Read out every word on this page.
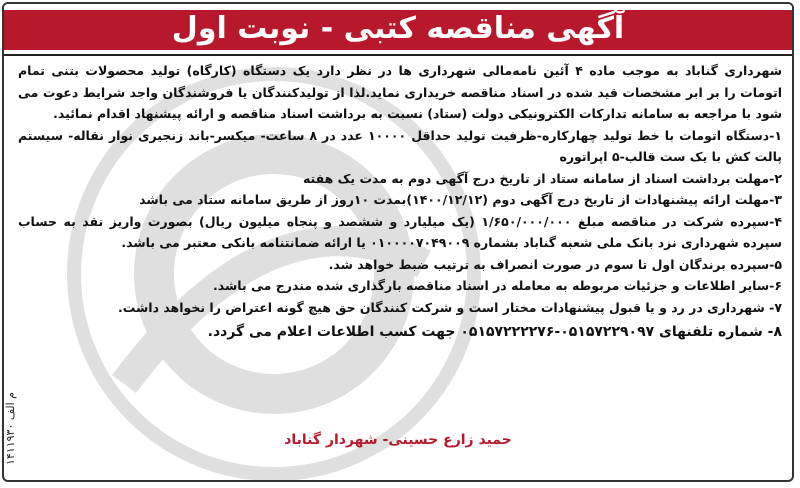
آگهی مناقصه کتبی - نوبت اول

شهرداری گناباد به موجب ماده ۴ آئین نامه‌مالی شهرداری ها در نظر دارد یک دستگاه (کارگاه) تولید محصولات بتنی تمام اتومات را بر ابر مشخصات قید شده در اسناد مناقصه خریداری نماید.لذا از تولیدکنندگان یا فروشندگان واجد شرایط دعوت می شود با مراجعه به سامانه تدارکات الکترونیکی دولت (ستاد) نسبت به برداشت اسناد مناقصه و ارائه پیشنهاد اقدام نمائید.

۱-دستگاه اتومات با خط تولید چهارکاره-ظرفیت تولید حداقل ۱۰۰۰۰ عدد در ۸ ساعت- میکسر-باند زنجیری نوار نقاله- سیستم پالت کش با یک ست قالب-۵ اپراتوره

۲-مهلت برداشت اسناد از سامانه ستاد از تاریخ درج آگهی دوم به مدت یک هفته

۳-مهلت ارائه پیشنهادات از تاریخ درج آگهی دوم (۱۴۰۰/۱۲/۱۲)بمدت ۱۰روز از طریق سامانه ستاد می باشد

۴-سپرده شرکت در مناقصه مبلغ ۱/۶۵۰/۰۰۰/۰۰۰ (یک میلیارد و ششصد و پنجاه میلیون ریال) بصورت واریز نقد به حساب سپرده شهرداری نزد بانک ملی شعبه گناباد بشماره ۰۱۰۰۰۰۷۰۴۹۰۰۹ یا ارائه ضمانتنامه بانکی معتبر می باشد.

۵-سپرده برندگان اول تا سوم در صورت انصراف به ترتیب ضبط خواهد شد.

۶-سایر اطلاعات و جزئیات مربوطه به معامله در اسناد مناقصه بارگذاری شده مندرج می باشد.

۷- شهرداری در رد و یا قبول پیشنهادات مختار است و شرکت کنندگان حق هیچ گونه اعتراض را نخواهد داشت.

۸- شماره تلفنهای ۰۵۱۵۷۲۲۹۰۹۷-۰۵۱۵۷۲۲۲۲۷۶ جهت کسب اطلاعات اعلام می گردد.

حمید زارع حسینی- شهردار گناباد
م الف ۱۴۱۱۹۳۰
